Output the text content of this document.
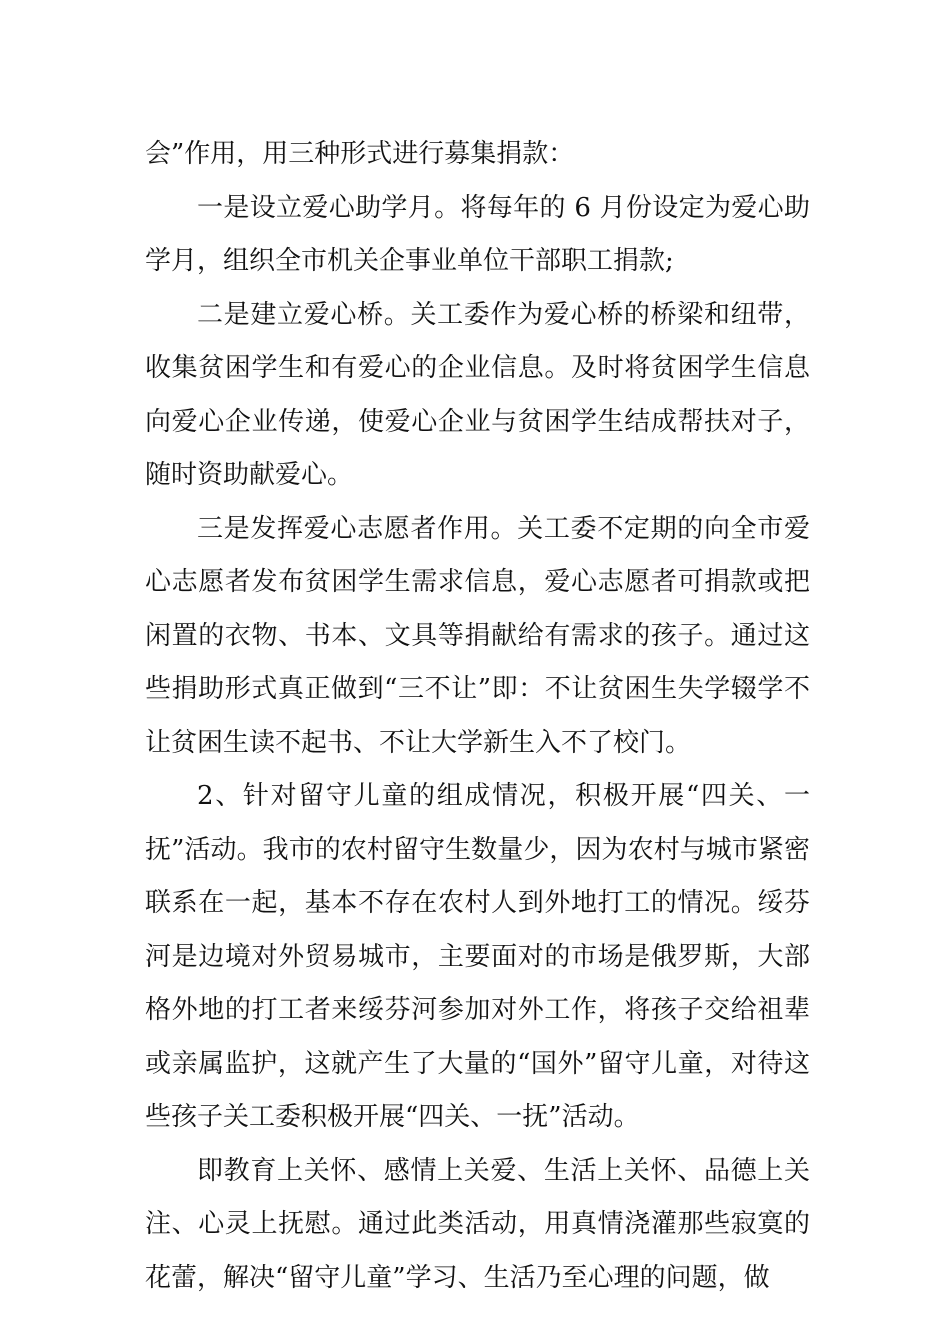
会”作用，用三种形式进行募集捐款：

一是设立爱心助学月。将每年的 6 月份设定为爱心助学月，组织全市机关企事业单位干部职工捐款;

二是建立爱心桥。关工委作为爱心桥的桥梁和纽带，收集贫困学生和有爱心的企业信息。及时将贫困学生信息向爱心企业传递，使爱心企业与贫困学生结成帮扶对子，随时资助献爱心。

三是发挥爱心志愿者作用。关工委不定期的向全市爱心志愿者发布贫困学生需求信息，爱心志愿者可捐款或把闲置的衣物、书本、文具等捐献给有需求的孩子。通过这些捐助形式真正做到“三不让”即：不让贫困生失学辍学不让贫困生读不起书、不让大学新生入不了校门。

2、针对留守儿童的组成情况，积极开展“四关、一抚”活动。我市的农村留守生数量少，因为农村与城市紧密联系在一起，基本不存在农村人到外地打工的情况。绥芬河是边境对外贸易城市，主要面对的市场是俄罗斯，大部格外地的打工者来绥芬河参加对外工作，将孩子交给祖辈或亲属监护，这就产生了大量的“国外”留守儿童，对待这些孩子关工委积极开展“四关、一抚”活动。

即教育上关怀、感情上关爱、生活上关怀、品德上关注、心灵上抚慰。通过此类活动，用真情浇灌那些寂寞的花蕾，解决“留守儿童”学习、生活乃至心理的问题，做
